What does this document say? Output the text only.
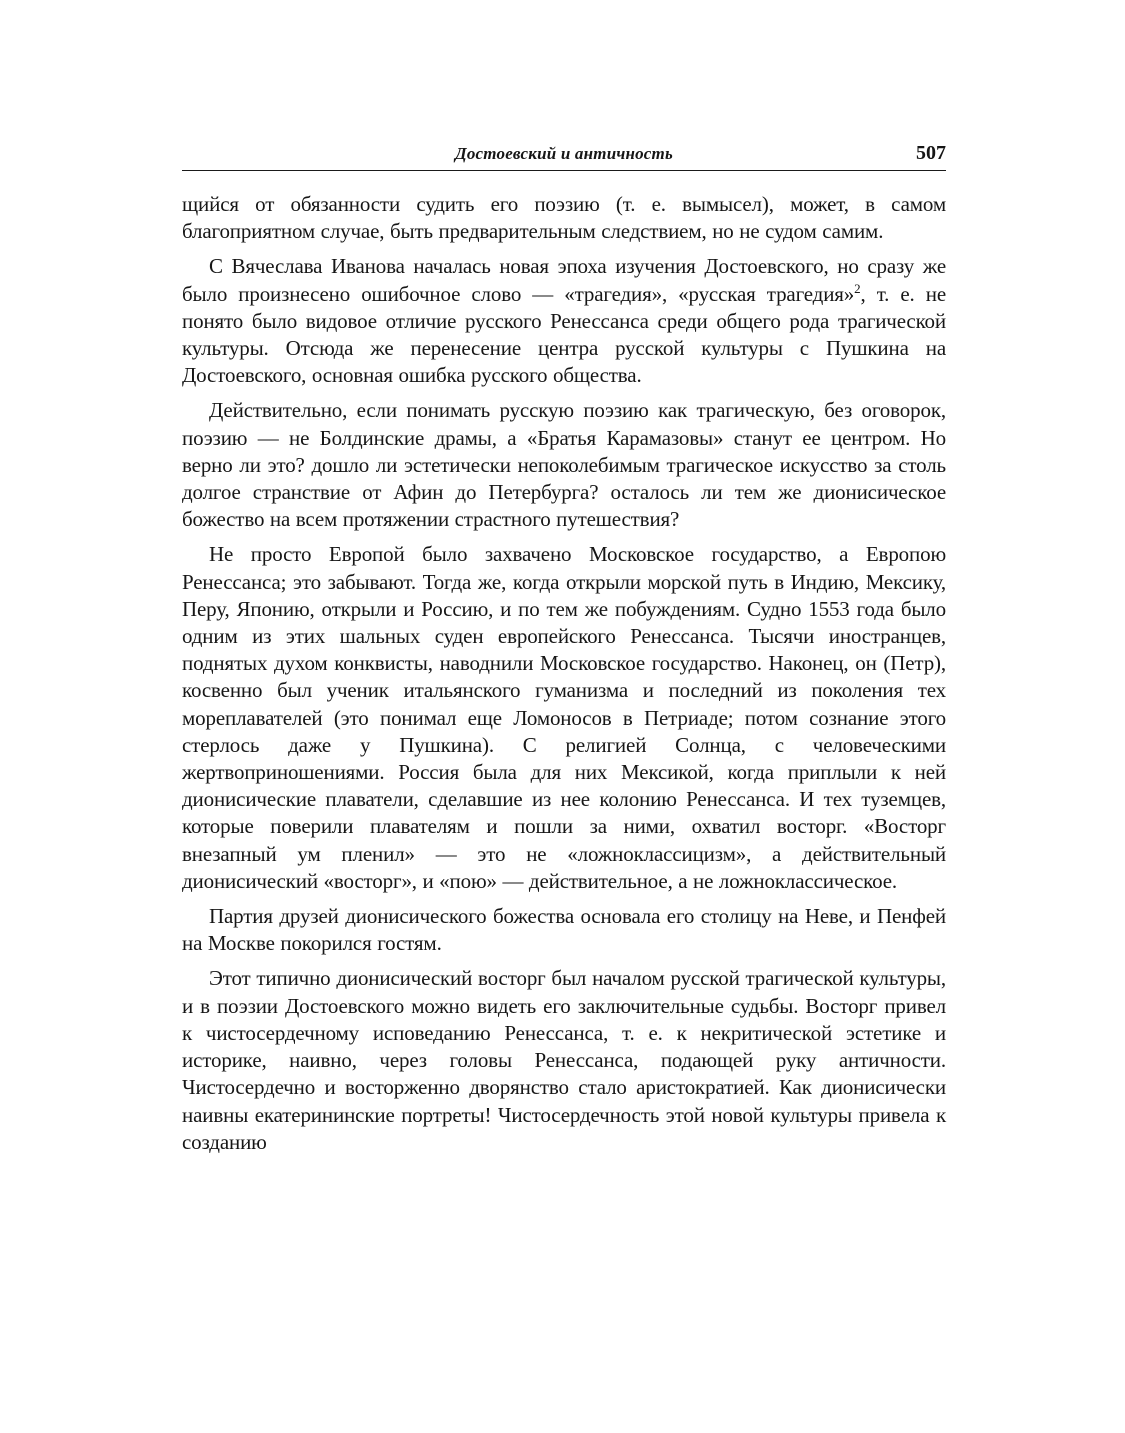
Достоевский и античность	507

щийся от обязанности судить его поэзию (т. е. вымысел), может, в самом благоприятном случае, быть предварительным следствием, но не судом самим.

С Вячеслава Иванова началась новая эпоха изучения Достоевского, но сразу же было произнесено ошибочное слово — «трагедия», «русская трагедия»$^2$, т. е. не понято было видовое отличие русского Ренессанса среди общего рода трагической культуры. Отсюда же перенесение центра русской культуры с Пушкина на Достоевского, основная ошибка русского общества.

Действительно, если понимать русскую поэзию как трагическую, без оговорок, поэзию — не Болдинские драмы, а «Братья Карамазовы» станут ее центром. Но верно ли это? дошло ли эстетически непоколебимым трагическое искусство за столь долгое странствие от Афин до Петербурга? осталось ли тем же дионисическое божество на всем протяжении страстного путешествия?

Не просто Европой было захвачено Московское государство, а Европою Ренессанса; это забывают. Тогда же, когда открыли морской путь в Индию, Мексику, Перу, Японию, открыли и Россию, и по тем же побуждениям. Судно 1553 года было одним из этих шальных суден европейского Ренессанса. Тысячи иностранцев, поднятых духом конквисты, наводнили Московское государство. Наконец, он (Петр), косвенно был ученик итальянского гуманизма и последний из поколения тех мореплавателей (это понимал еще Ломоносов в Петриаде; потом сознание этого стерлось даже у Пушкина). С религией Солнца, с человеческими жертвоприношениями. Россия была для них Мексикой, когда приплыли к ней дионисические плаватели, сделавшие из нее колонию Ренессанса. И тех туземцев, которые поверили плавателям и пошли за ними, охватил восторг. «Восторг внезапный ум пленил» — это не «ложноклассицизм», а действительный дионисический «восторг», и «пою» — действительное, а не ложноклассическое.

Партия друзей дионисического божества основала его столицу на Неве, и Пенфей на Москве покорился гостям.

Этот типично дионисический восторг был началом русской трагической культуры, и в поэзии Достоевского можно видеть его заключительные судьбы. Восторг привел к чистосердечному исповеданию Ренессанса, т. е. к некритической эстетике и историке, наивно, через головы Ренессанса, подающей руку античности. Чистосердечно и восторженно дворянство стало аристократией. Как дионисически наивны екатерининские портреты! Чистосердечность этой новой культуры привела к созданию
